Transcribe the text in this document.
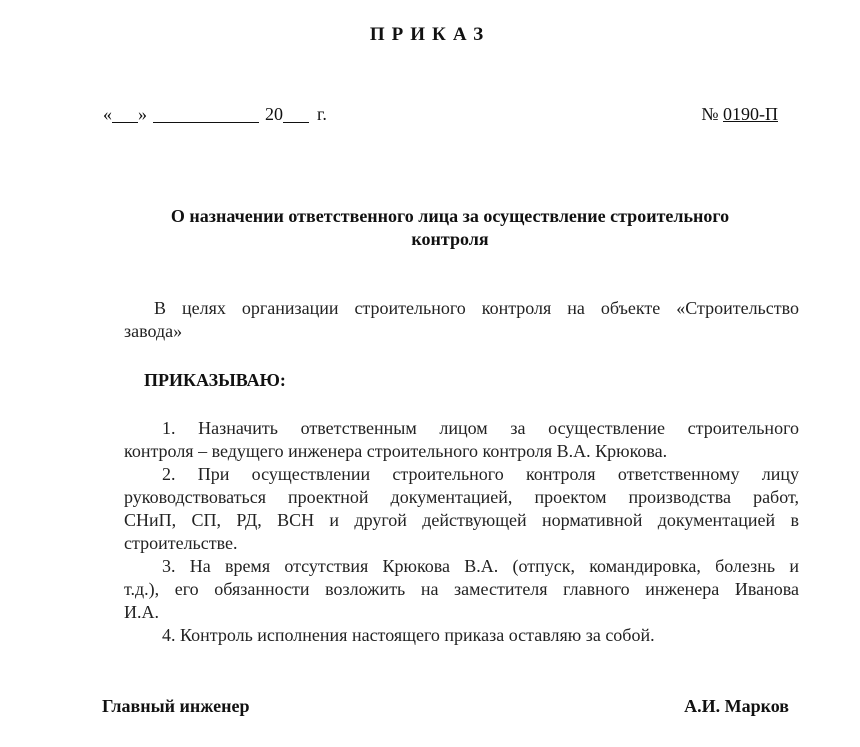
ПРИКАЗ
« »	20 г.	№ 0190-П
О назначении ответственного лица за осуществление строительного
контроля
В целях организации строительного контроля на объекте «Строительство
завода»
ПРИКАЗЫВАЮ:
1. Назначить ответственным лицом за осуществление строительного
контроля – ведущего инженера строительного контроля В.А. Крюкова.
2. При осуществлении строительного контроля ответственному лицу
руководствоваться проектной документацией, проектом производства работ,
СНиП, СП, РД, ВСН и другой действующей нормативной документацией в
строительстве.
3. На время отсутствия Крюкова В.А. (отпуск, командировка, болезнь и
т.д.), его обязанности возложить на заместителя главного инженера Иванова
И.А.
4. Контроль исполнения настоящего приказа оставляю за собой.
Главный инженер	А.И. Марков
